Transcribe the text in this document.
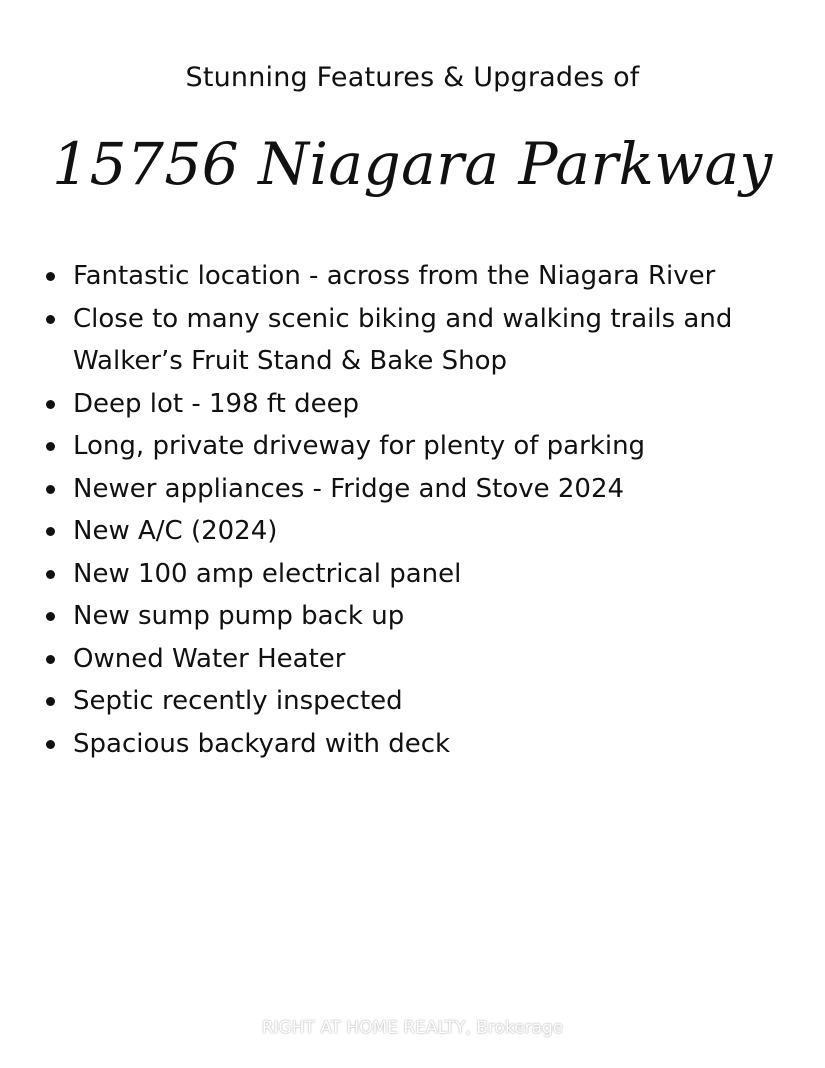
Stunning Features & Upgrades of
15756 Niagara Parkway
Fantastic location - across from the Niagara River
Close to many scenic biking and walking trails and Walker’s Fruit Stand & Bake Shop
Deep lot - 198 ft deep
Long, private driveway for plenty of parking
Newer appliances - Fridge and Stove 2024
New A/C (2024)
New 100 amp electrical panel
New sump pump back up
Owned Water Heater
Septic recently inspected
Spacious backyard with deck
RIGHT AT HOME REALTY, Brokerage
